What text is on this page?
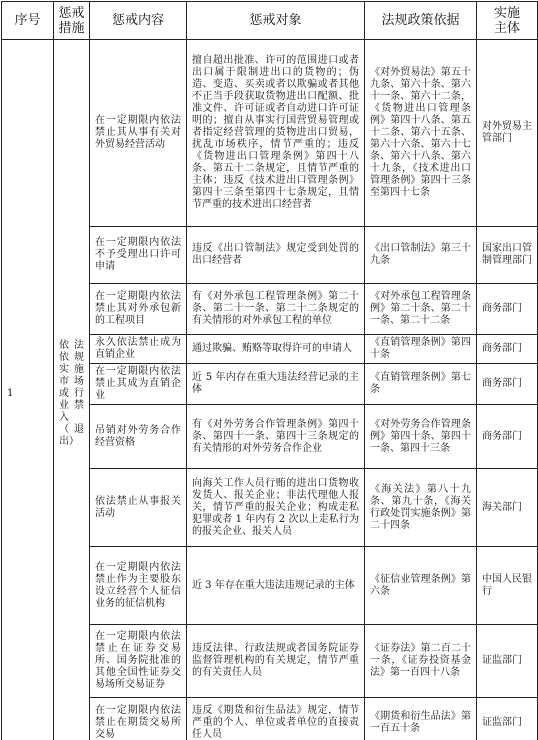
序号	惩戒措施	惩戒内容	惩戒对象	法规政策依据	实施主体
1	依法依规实施市场或行业禁入（退出）	在一定期限内依法禁止其从事有关对外贸易经营活动	擅自超出批准、许可的范围进口或者出口属于限制进出口的货物的；伪造、变造、买卖或者以欺骗或者其他不正当手段获取货物进出口配额、批准文件、许可证或者自动进口许可证明的；擅自从事实行国营贸易管理或者指定经营管理的货物进出口贸易，扰乱市场秩序，情节严重的；违反《货物进出口管理条例》第四十八条、第五十二条规定，且情节严重的主体；违反《技术进出口管理条例》第四十三条至第四十七条规定，且情节严重的技术进出口经营者	《对外贸易法》第五十九条、第六十条、第六十一条、第六十二条，《货物进出口管理条例》第四十八条、第五十二条、第六十五条、第六十六条、第六十七条、第六十八条、第六十九条，《技术进出口管理条例》第四十三条至第四十七条	对外贸易主管部门
		在一定期限内依法不予受理出口许可申请	违反《出口管制法》规定受到处罚的出口经营者	《出口管制法》第三十九条	国家出口管制管理部门
		在一定期限内依法禁止其对外承包新的工程项目	有《对外承包工程管理条例》第二十条、第二十一条、第二十二条规定的有关情形的对外承包工程的单位	《对外承包工程管理条例》第二十条、第二十一条、第二十二条	商务部门
		永久依法禁止成为直销企业	通过欺骗、贿赂等取得许可的申请人	《直销管理条例》第四十条	商务部门
		在一定期限内依法禁止其成为直销企业	近 5 年内存在重大违法经营记录的主体	《直销管理条例》第七条	商务部门
		吊销对外劳务合作经营资格	有《对外劳务合作管理条例》第四十条、第四十一条、第四十三条规定的有关情形的对外劳务合作企业	《对外劳务合作管理条例》第四十条、第四十一条、第四十三条	商务部门
		依法禁止从事报关活动	向海关工作人员行贿的进出口货物收发货人、报关企业；非法代理他人报关，情节严重的报关企业；构成走私犯罪或者 1 年内有 2 次以上走私行为的报关企业、报关人员	《海关法》第八十九条、第九十条，《海关行政处罚实施条例》第二十四条	海关部门
		在一定期限内依法禁止作为主要股东设立经营个人征信业务的征信机构	近 3 年存在重大违法违规记录的主体	《征信业管理条例》第六条	中国人民银行
		在一定期限内依法禁止在证券交易所、国务院批准的其他全国性证券交易场所交易证券	违反法律、行政法规或者国务院证券监督管理机构的有关规定，情节严重的有关责任人员	《证券法》第二百二十一条，《证券投资基金法》第一百四十八条	证监部门
		在一定期限内依法禁止在期货交易所交易	违反《期货和衍生品法》规定，情节严重的个人、单位或者单位的直接责任人员	《期货和衍生品法》第一百五十条	证监部门
